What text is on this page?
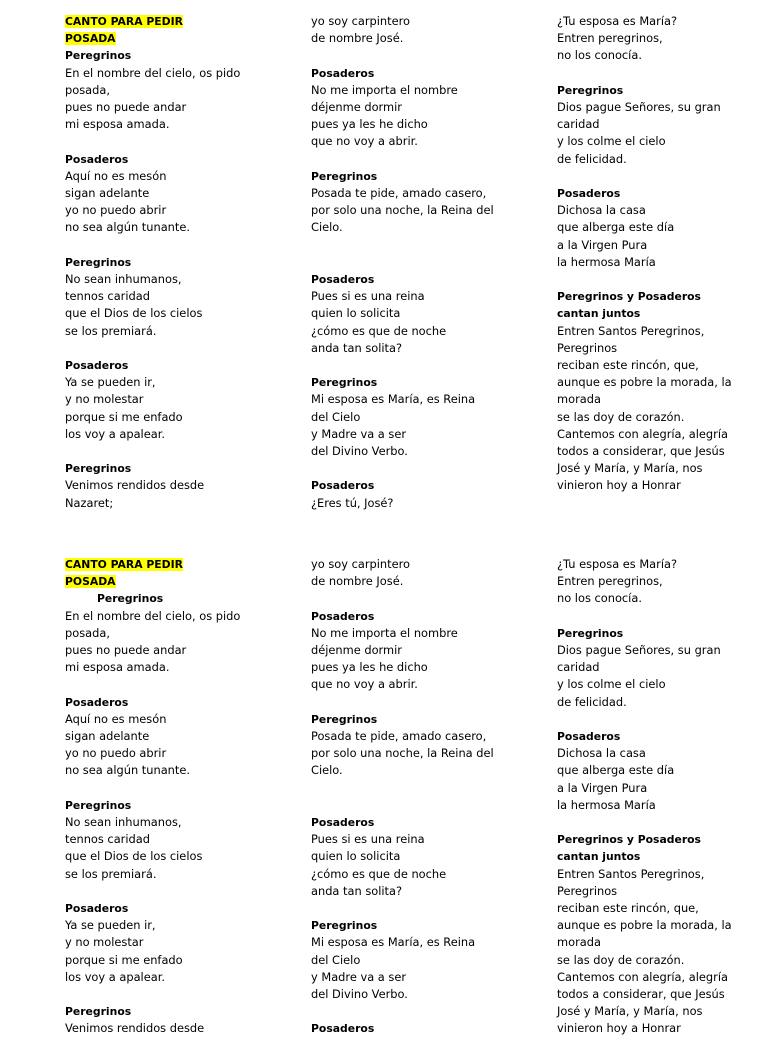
CANTO PARA PEDIR
POSADA
Peregrinos
En el nombre del cielo, os pido
posada,
pues no puede andar
mi esposa amada.
Posaderos
Aquí no es mesón
sigan adelante
yo no puedo abrir
no sea algún tunante.
Peregrinos
No sean inhumanos,
tennos caridad
que el Dios de los cielos
se los premiará.
Posaderos
Ya se pueden ir,
y no molestar
porque si me enfado
los voy a apalear.
Peregrinos
Venimos rendidos desde
Nazaret;
yo soy carpintero
de nombre José.
Posaderos
No me importa el nombre
déjenme dormir
pues ya les he dicho
que no voy a abrir.
Peregrinos
Posada te pide, amado casero,
por solo una noche, la Reina del
Cielo.
Posaderos
Pues si es una reina
quien lo solicita
¿cómo es que de noche
anda tan solita?
Peregrinos
Mi esposa es María, es Reina
del Cielo
y Madre va a ser
del Divino Verbo.
Posaderos
¿Eres tú, José?
¿Tu esposa es María?
Entren peregrinos,
no los conocía.
Peregrinos
Dios pague Señores, su gran
caridad
y los colme el cielo
de felicidad.
Posaderos
Dichosa la casa
que alberga este día
a la Virgen Pura
la hermosa María
Peregrinos y Posaderos
cantan juntos
Entren Santos Peregrinos,
Peregrinos
reciban este rincón, que,
aunque es pobre la morada, la
morada
se las doy de corazón.
Cantemos con alegría, alegría
todos a considerar, que Jesús
José y María, y María, nos
vinieron hoy a Honrar
CANTO PARA PEDIR
POSADA
Peregrinos
En el nombre del cielo, os pido
posada,
pues no puede andar
mi esposa amada.
Posaderos
Aquí no es mesón
sigan adelante
yo no puedo abrir
no sea algún tunante.
Peregrinos
No sean inhumanos,
tennos caridad
que el Dios de los cielos
se los premiará.
Posaderos
Ya se pueden ir,
y no molestar
porque si me enfado
los voy a apalear.
Peregrinos
Venimos rendidos desde
yo soy carpintero
de nombre José.
Posaderos
No me importa el nombre
déjenme dormir
pues ya les he dicho
que no voy a abrir.
Peregrinos
Posada te pide, amado casero,
por solo una noche, la Reina del
Cielo.
Posaderos
Pues si es una reina
quien lo solicita
¿cómo es que de noche
anda tan solita?
Peregrinos
Mi esposa es María, es Reina
del Cielo
y Madre va a ser
del Divino Verbo.
Posaderos
¿Tu esposa es María?
Entren peregrinos,
no los conocía.
Peregrinos
Dios pague Señores, su gran
caridad
y los colme el cielo
de felicidad.
Posaderos
Dichosa la casa
que alberga este día
a la Virgen Pura
la hermosa María
Peregrinos y Posaderos
cantan juntos
Entren Santos Peregrinos,
Peregrinos
reciban este rincón, que,
aunque es pobre la morada, la
morada
se las doy de corazón.
Cantemos con alegría, alegría
todos a considerar, que Jesús
José y María, y María, nos
vinieron hoy a Honrar
